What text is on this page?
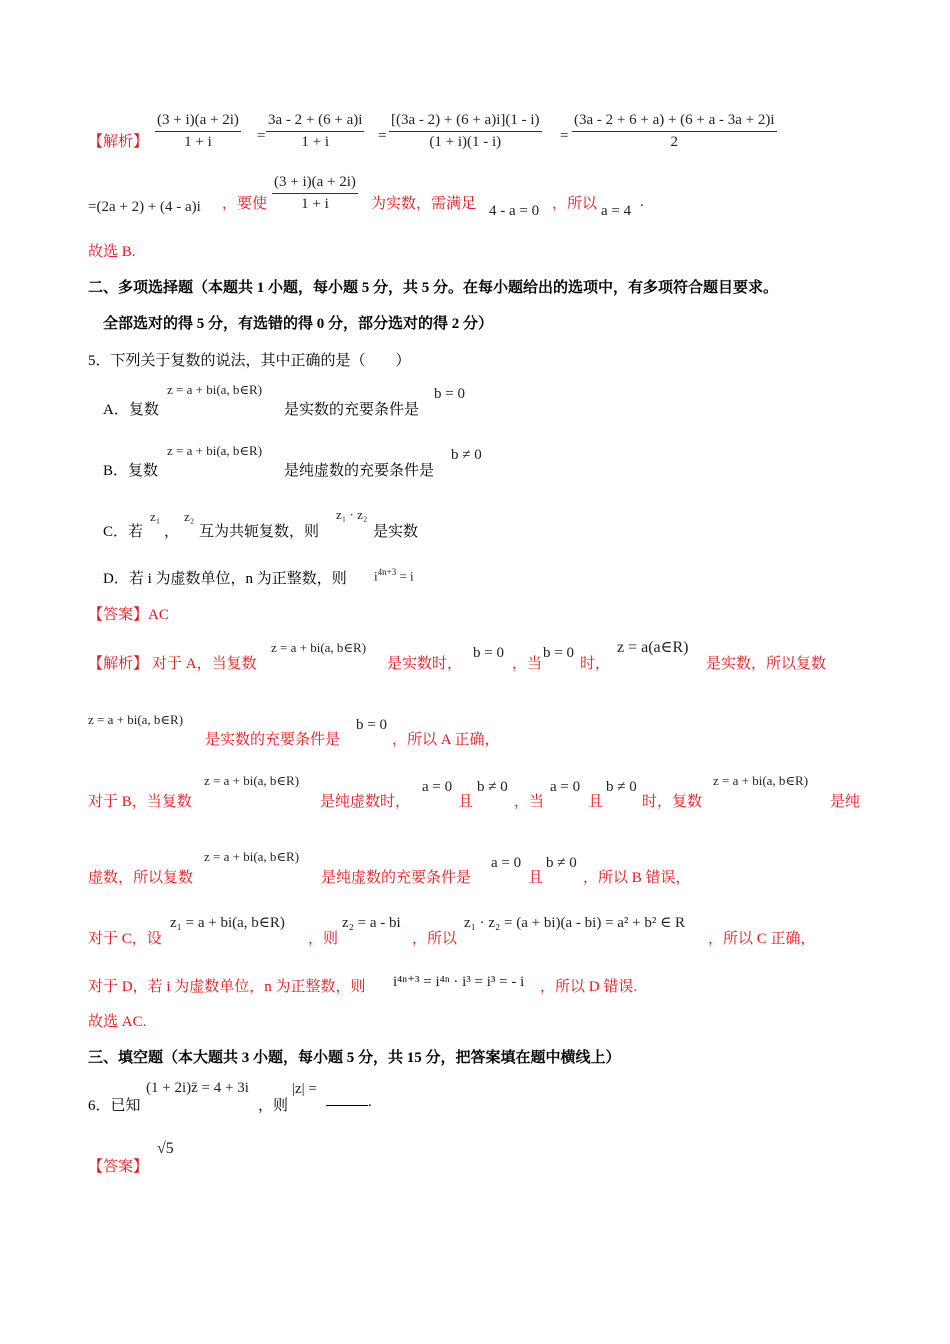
【解析】
(3 + i)(a + 2i)
1 + i	=
3a - 2 + (6 + a)i
1 + i	=
[(3a - 2) + (6 + a)i](1 - i)
(1 + i)(1 - i)	=
(3a - 2 + 6 + a) + (6 + a - 3a + 2)i
2
=(2a + 2) + (4 - a)i ，要使
(3 + i)(a + 2i)
1 + i	为实数，需满足 4 - a = 0 ，所以 a = 4
.
故选 B.
二、多项选择题（本题共 1 小题，每小题 5 分，共 5 分。在每小题给出的选项中，有多项符合题目要求。
全部选对的得 5 分，有选错的得 0 分，部分选对的得 2 分）
5．下列关于复数的说法，其中正确的是（　　）
A．复数
z = a + bi(a, b∈R)
是实数的充要条件是
b = 0
B．复数
z = a + bi(a, b∈R)
是纯虚数的充要条件是
b ≠ 0
C．若
z₁
，
z₂
互为共轭复数，则
z₁ · z₂
是实数
D．若 i 为虚数单位，n 为正整数，则 $i^{4n+3} = i$
【答案】AC
【解析】 对于 A，当复数
z = a + bi(a, b∈R)
是实数时，
b = 0
，当
b = 0
时，
z = a(a∈R)
是实数，所以复数
z = a + bi(a, b∈R)
是实数的充要条件是
b = 0
，所以 A 正确，
对于 B，当复数
z = a + bi(a, b∈R)
是纯虚数时，
a = 0
且
b ≠ 0
，当
a = 0
且
b ≠ 0
时，复数
z = a + bi(a, b∈R)
是纯
虚数，所以复数
z = a + bi(a, b∈R)
是纯虚数的充要条件是
a = 0
且
b ≠ 0
，所以 B 错误，
对于 C，设
z₁ = a + bi(a, b∈R)
，则
z₂ = a - bi
，所以
z₁ · z₂ = (a + bi)(a - bi) = a² + b² ∈ R
，所以 C 正确，
对于 D，若 i 为虚数单位，n 为正整数，则 i⁴ⁿ⁺³ = i⁴ⁿ · i³ = i³ = - i ，所以 D 错误.
故选 AC.
三、填空题（本大题共 3 小题，每小题 5 分，共 15 分，把答案填在题中横线上）
6．已知
(1 + 2i)z̄ = 4 + 3i
，则
|z| =
.
【答案】
√5
